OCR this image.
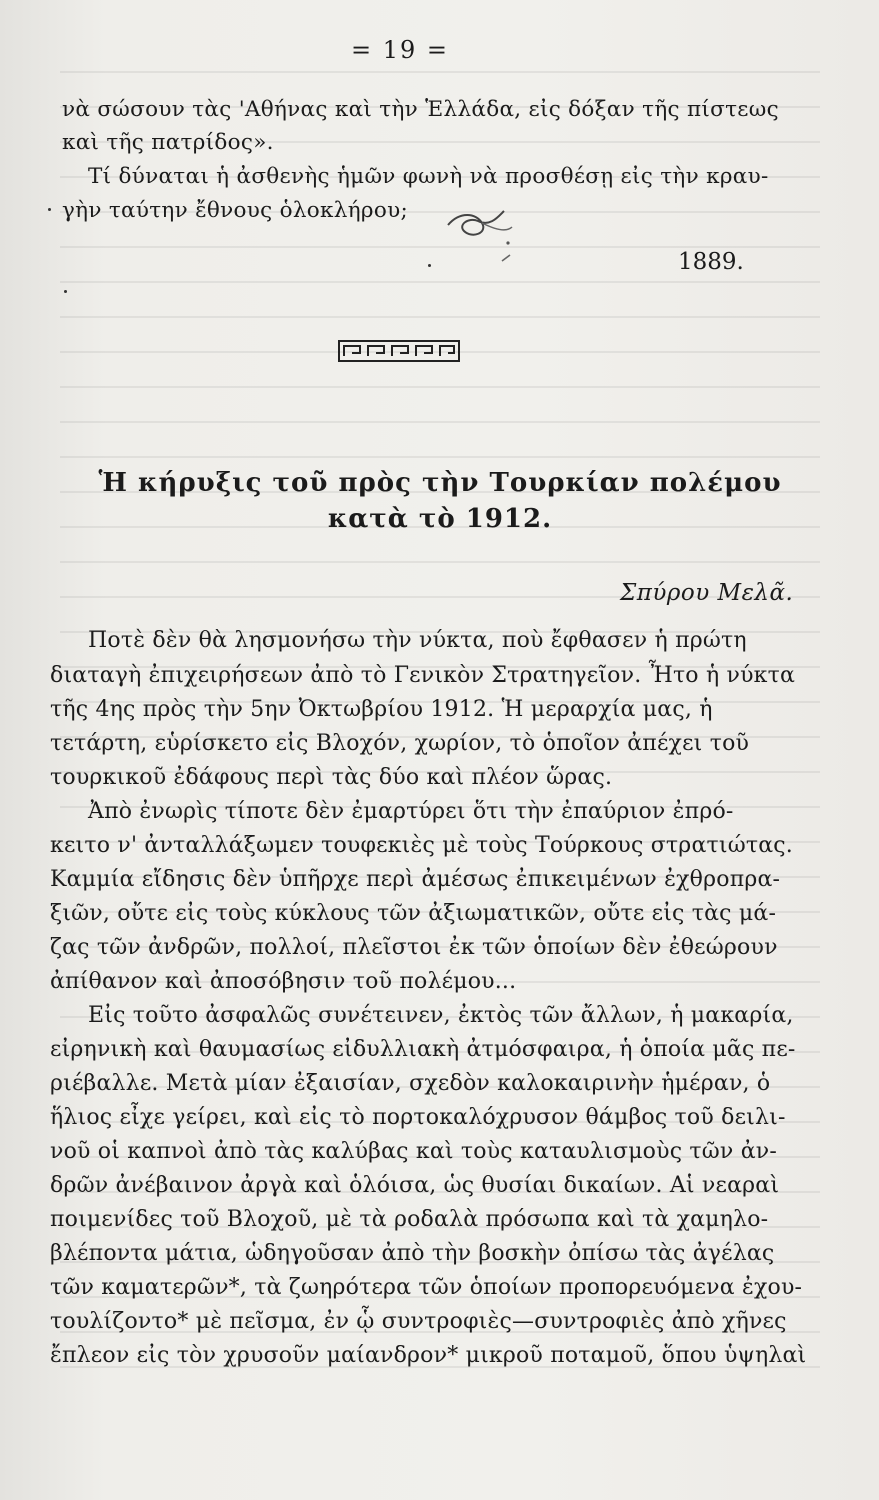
= 19 =
νὰ σώσουν τὰς 'Αθήνας καὶ τὴν Ἑλλάδα, εἰς δόξαν τῆς πίστεως
καὶ τῆς πατρίδος».
Τί δύναται ἡ ἀσθενὴς ἡμῶν φωνὴ νὰ προσθέσῃ εἰς τὴν κραυ-
γὴν ταύτην ἔθνους ὁλοκλήρου;
1889.
Ἡ κήρυξις τοῦ πρὸς τὴν Τουρκίαν πολέμου
κατὰ τὸ 1912.
Σπύρου Μελᾶ.
Ποτὲ δὲν θὰ λησμονήσω τὴν νύκτα, ποὺ ἔφθασεν ἡ πρώτη
διαταγὴ ἐπιχειρήσεων ἀπὸ τὸ Γενικὸν Στρατηγεῖον. Ἦτο ἡ νύκτα
τῆς 4ης πρὸς τὴν 5ην Ὀκτωβρίου 1912. Ἡ μεραρχία μας, ἡ
τετάρτη, εὑρίσκετο εἰς Βλοχόν, χωρίον, τὸ ὁποῖον ἀπέχει τοῦ
τουρκικοῦ ἐδάφους περὶ τὰς δύο καὶ πλέον ὥρας.
Ἀπὸ ἐνωρὶς τίποτε δὲν ἐμαρτύρει ὅτι τὴν ἐπαύριον ἐπρό-
κειτο ν' ἀνταλλάξωμεν τουφεκιὲς μὲ τοὺς Τούρκους στρατιώτας.
Καμμία εἴδησις δὲν ὑπῆρχε περὶ ἀμέσως ἐπικειμένων ἐχθροπρα-
ξιῶν, οὔτε εἰς τοὺς κύκλους τῶν ἀξιωματικῶν, οὔτε εἰς τὰς μά-
ζας τῶν ἀνδρῶν, πολλοί, πλεῖστοι ἐκ τῶν ὁποίων δὲν ἐθεώρουν
ἀπίθανον καὶ ἀποσόβησιν τοῦ πολέμου...
Εἰς τοῦτο ἀσφαλῶς συνέτεινεν, ἐκτὸς τῶν ἄλλων, ἡ μακαρία,
εἰρηνικὴ καὶ θαυμασίως εἰδυλλιακὴ ἀτμόσφαιρα, ἡ ὁποία μᾶς πε-
ριέβαλλε. Μετὰ μίαν ἐξαισίαν, σχεδὸν καλοκαιρινὴν ἡμέραν, ὁ
ἥλιος εἶχε γείρει, καὶ εἰς τὸ πορτοκαλόχρυσον θάμβος τοῦ δειλι-
νοῦ οἱ καπνοὶ ἀπὸ τὰς καλύβας καὶ τοὺς καταυλισμοὺς τῶν ἀν-
δρῶν ἀνέβαινον ἀργὰ καὶ ὁλόισα, ὡς θυσίαι δικαίων. Αἱ νεαραὶ
ποιμενίδες τοῦ Βλοχοῦ, μὲ τὰ ροδαλὰ πρόσωπα καὶ τὰ χαμηλο-
βλέποντα μάτια, ὡδηγοῦσαν ἀπὸ τὴν βοσκὴν ὀπίσω τὰς ἀγέλας
τῶν καματερῶν*, τὰ ζωηρότερα τῶν ὁποίων προπορευόμενα ἐχου-
τουλίζοντο* μὲ πεῖσμα, ἐν ᾧ συντροφιὲς—συντροφιὲς ἀπὸ χῆνες
ἔπλεον εἰς τὸν χρυσοῦν μαίανδρον* μικροῦ ποταμοῦ, ὅπου ὑψηλαὶ
